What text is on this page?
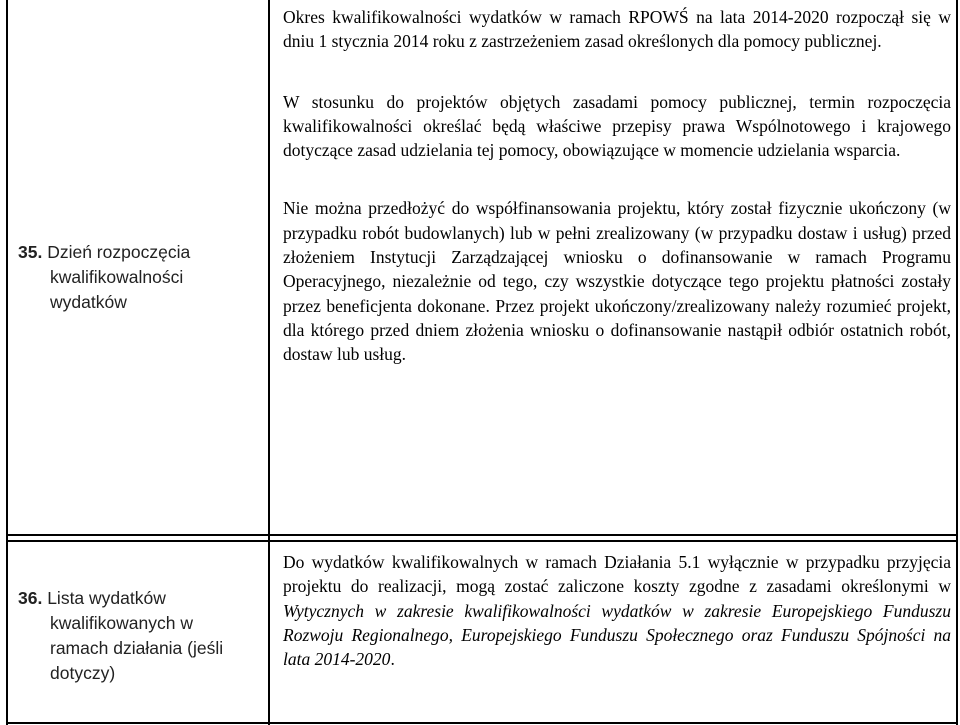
35. Dzień rozpoczęcia
kwalifikowalności
wydatków

Okres kwalifikowalności wydatków w ramach RPOWŚ na lata 2014-2020 rozpoczął się w dniu 1 stycznia 2014 roku z zastrzeżeniem zasad określonych dla pomocy publicznej.

W stosunku do projektów objętych zasadami pomocy publicznej, termin rozpoczęcia kwalifikowalności określać będą właściwe przepisy prawa Wspólnotowego i krajowego dotyczące zasad udzielania tej pomocy, obowiązujące w momencie udzielania wsparcia.

Nie można przedłożyć do współfinansowania projektu, który został fizycznie ukończony (w przypadku robót budowlanych) lub w pełni zrealizowany (w przypadku dostaw i usług) przed złożeniem Instytucji Zarządzającej wniosku o dofinansowanie w ramach Programu Operacyjnego, niezależnie od tego, czy wszystkie dotyczące tego projektu płatności zostały przez beneficjenta dokonane. Przez projekt ukończony/zrealizowany należy rozumieć projekt, dla którego przed dniem złożenia wniosku o dofinansowanie nastąpił odbiór ostatnich robót, dostaw lub usług.

36. Lista wydatków
kwalifikowanych w
ramach działania (jeśli
dotyczy)

Do wydatków kwalifikowalnych w ramach Działania 5.1 wyłącznie w przypadku przyjęcia projektu do realizacji, mogą zostać zaliczone koszty zgodne z zasadami określonymi w Wytycznych w zakresie kwalifikowalności wydatków w zakresie Europejskiego Funduszu Rozwoju Regionalnego, Europejskiego Funduszu Społecznego oraz Funduszu Spójności na lata 2014-2020.
